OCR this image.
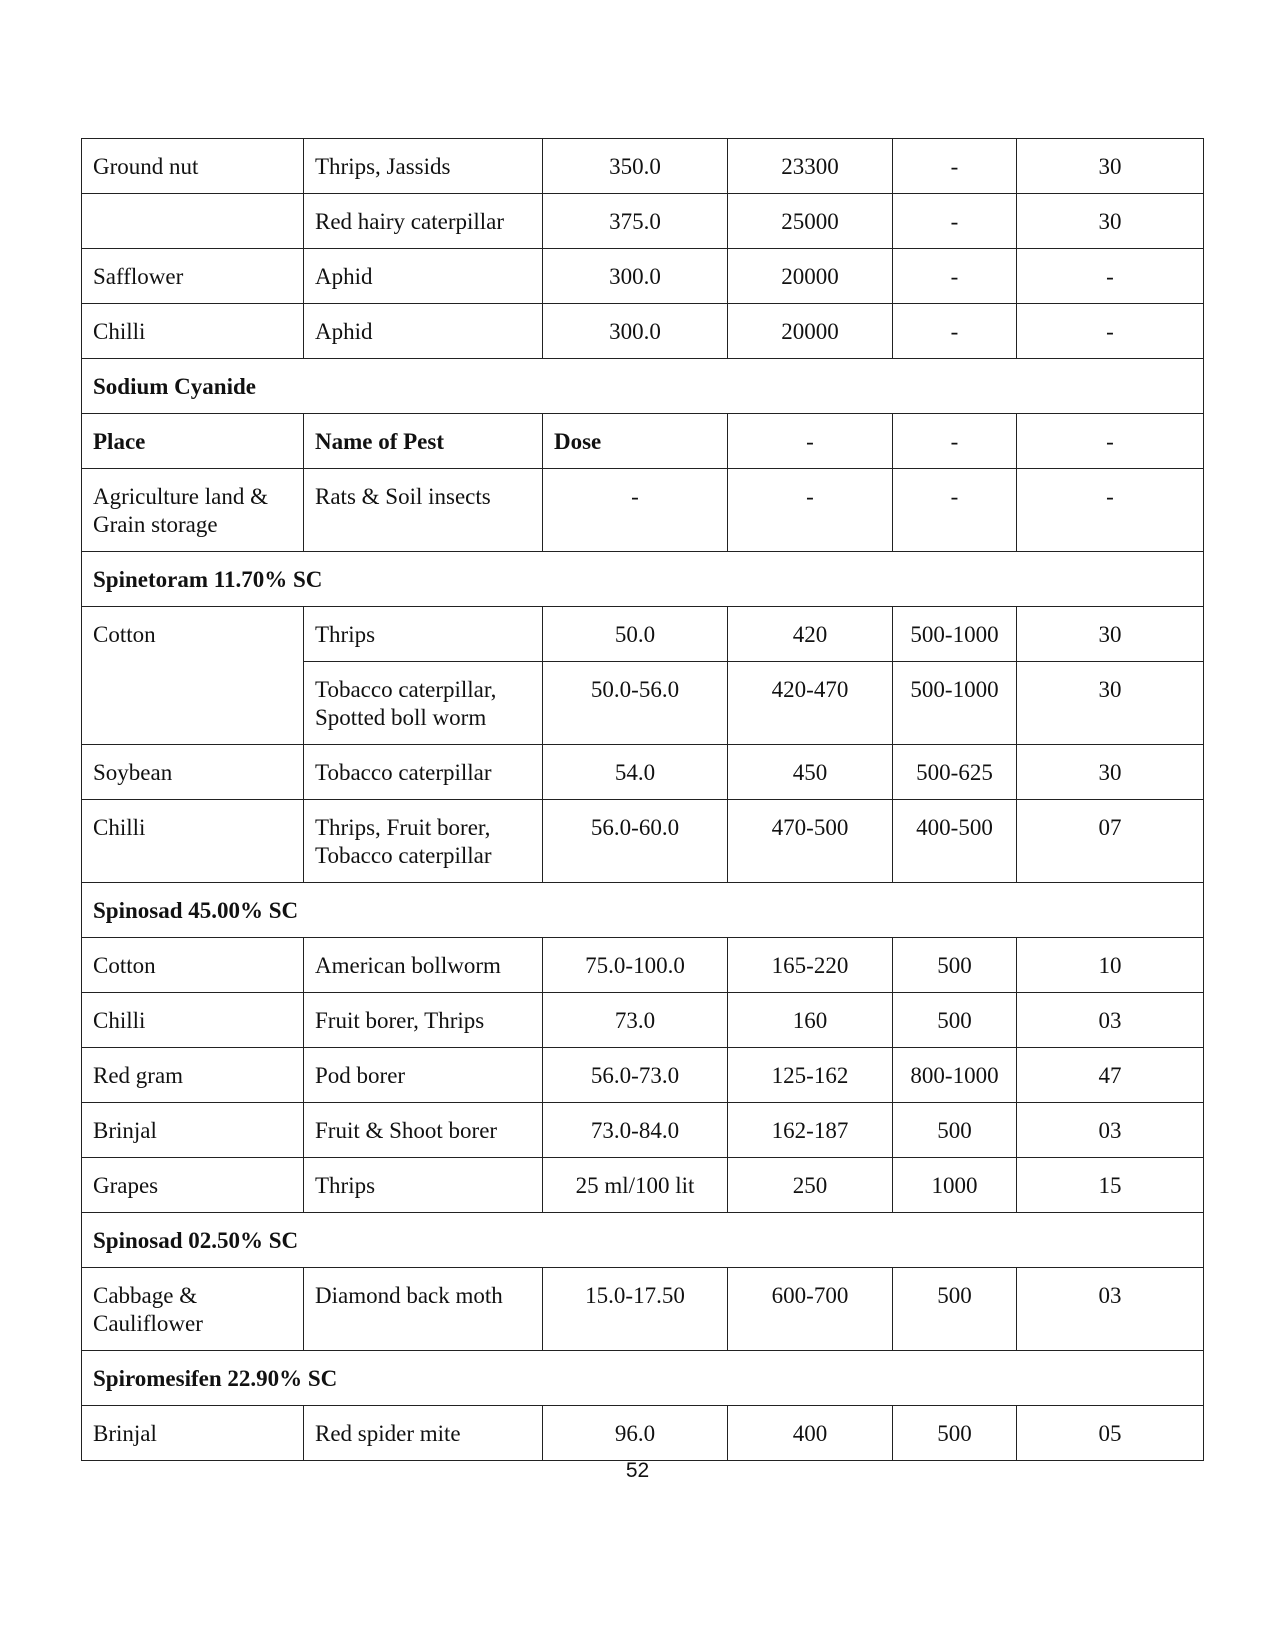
Ground nut	Thrips, Jassids	350.0	23300	-	30
	Red hairy caterpillar	375.0	25000	-	30
Safflower	Aphid	300.0	20000	-	-
Chilli	Aphid	300.0	20000	-	-
Sodium Cyanide					
Place	Name of Pest	Dose	-	-	-
Agriculture land & Grain storage	Rats & Soil insects	-	-	-	-
Spinetoram 11.70% SC					
Cotton	Thrips	50.0	420	500-1000	30
	Tobacco caterpillar, Spotted boll worm	50.0-56.0	420-470	500-1000	30
Soybean	Tobacco caterpillar	54.0	450	500-625	30
Chilli	Thrips, Fruit borer, Tobacco caterpillar	56.0-60.0	470-500	400-500	07
Spinosad 45.00% SC					
Cotton	American bollworm	75.0-100.0	165-220	500	10
Chilli	Fruit borer, Thrips	73.0	160	500	03
Red gram	Pod borer	56.0-73.0	125-162	800-1000	47
Brinjal	Fruit & Shoot borer	73.0-84.0	162-187	500	03
Grapes	Thrips	25 ml/100 lit	250	1000	15
Spinosad 02.50% SC					
Cabbage & Cauliflower	Diamond back moth	15.0-17.50	600-700	500	03
Spiromesifen 22.90% SC					
Brinjal	Red spider mite	96.0	400	500	05
52
